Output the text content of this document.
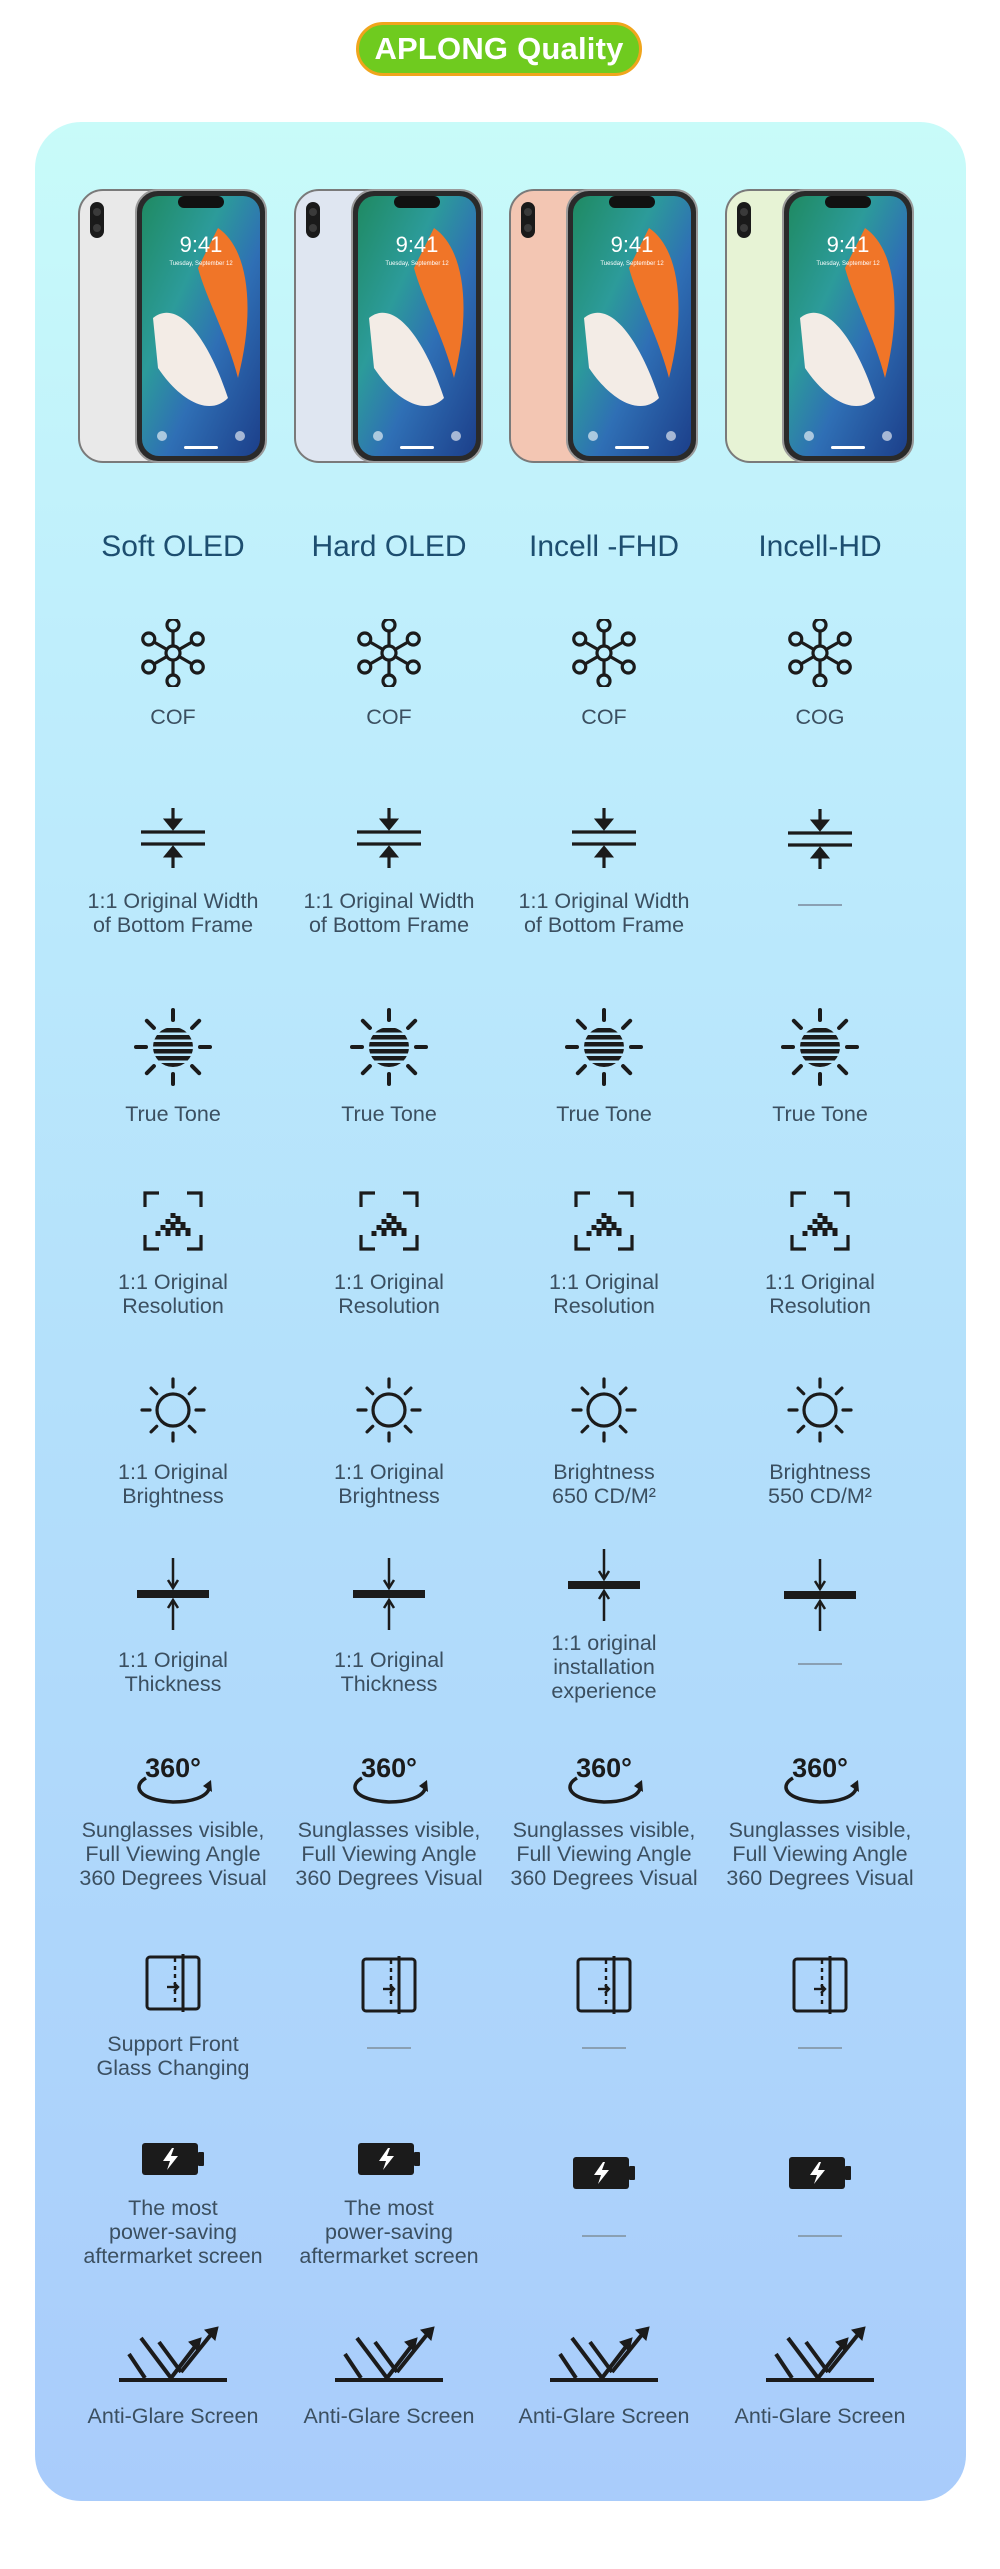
APLONG Quality
9:41
Tuesday, September 12
Soft OLED
COF
1:1 Original Width
of Bottom Frame
True Tone
1:1 Original
Resolution
1:1 Original
Brightness
1:1 Original
Thickness
360°
Sunglasses visible,
Full Viewing Angle
360 Degrees Visual
Support Front
Glass Changing
The most
power-saving
aftermarket screen
Anti-Glare Screen
9:41
Tuesday, September 12
Hard OLED
COF
1:1 Original Width
of Bottom Frame
True Tone
1:1 Original
Resolution
1:1 Original
Brightness
1:1 Original
Thickness
360°
Sunglasses visible,
Full Viewing Angle
360 Degrees Visual
The most
power-saving
aftermarket screen
Anti-Glare Screen
9:41
Tuesday, September 12
Incell -FHD
COF
1:1 Original Width
of Bottom Frame
True Tone
1:1 Original
Resolution
Brightness
650 CD/M²
1:1 original
installation
experience
360°
Sunglasses visible,
Full Viewing Angle
360 Degrees Visual
Anti-Glare Screen
9:41
Tuesday, September 12
Incell-HD
COG
True Tone
1:1 Original
Resolution
Brightness
550 CD/M²
360°
Sunglasses visible,
Full Viewing Angle
360 Degrees Visual
Anti-Glare Screen
